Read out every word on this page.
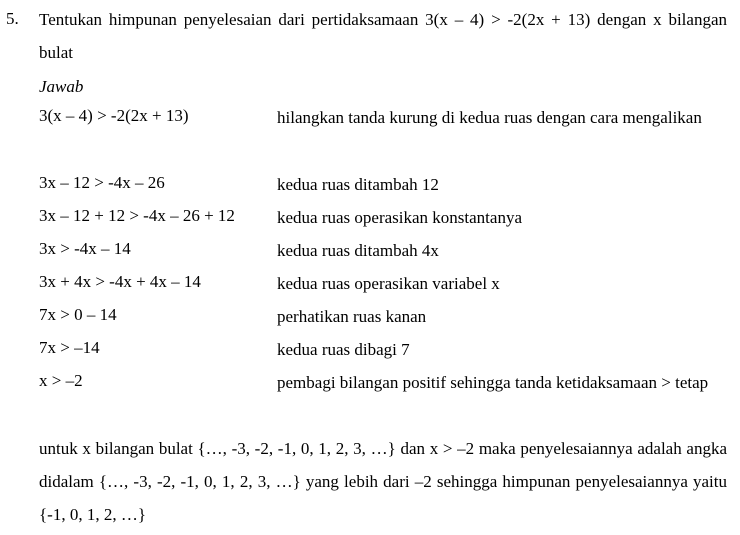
5. Tentukan himpunan penyelesaian dari pertidaksamaan 3(x – 4) > -2(2x + 13) dengan x bilangan bulat
Jawab
3(x – 4) > -2(2x + 13)	hilangkan tanda kurung di kedua ruas dengan cara mengalikan
3x – 12 > -4x – 26	kedua ruas ditambah 12
3x – 12 + 12 > -4x – 26 + 12 kedua ruas operasikan konstantanya
3x > -4x – 14	kedua ruas ditambah 4x
3x + 4x > -4x + 4x – 14	kedua ruas operasikan variabel x
7x > 0 – 14	perhatikan ruas kanan
7x > –14	kedua ruas dibagi 7
x > –2	pembagi bilangan positif sehingga tanda ketidaksamaan > tetap
untuk x bilangan bulat {…, -3, -2, -1, 0, 1, 2, 3, …} dan x > –2 maka penyelesaiannya adalah angka didalam {…, -3, -2, -1, 0, 1, 2, 3, …} yang lebih dari –2 sehingga himpunan penyelesaiannya yaitu {-1, 0, 1, 2, …}
